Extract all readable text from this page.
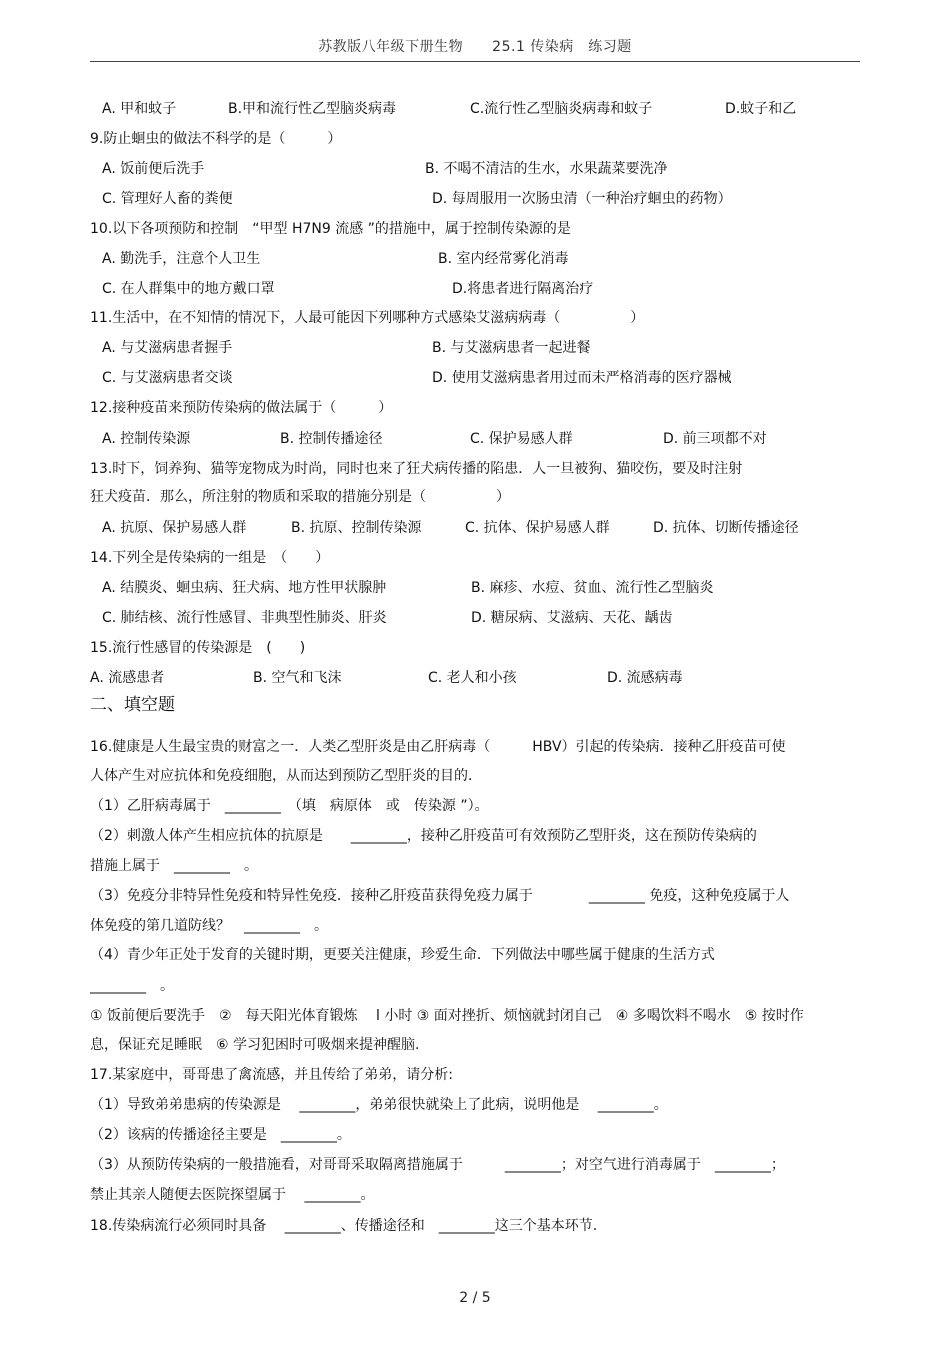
苏教版八年级下册生物　　25.1 传染病　练习题
A. 甲和蚊子	B.甲和流行性乙型脑炎病毒	C.流行性乙型脑炎病毒和蚊子	D.蚊子和乙
9.防止蛔虫的做法不科学的是（　　　）
A. 饭前便后洗手	B. 不喝不清洁的生水，水果蔬菜要洗净
C. 管理好人畜的粪便	D. 每周服用一次肠虫清（一种治疗蛔虫的药物）
10.以下各项预防和控制　“甲型 H7N9 流感 ”的措施中，属于控制传染源的是
A. 勤洗手，注意个人卫生	B. 室内经常雾化消毒
C. 在人群集中的地方戴口罩	D.将患者进行隔离治疗
11.生活中，在不知情的情况下，人最可能因下列哪种方式感染艾滋病病毒（　　　　　）
A. 与艾滋病患者握手	B. 与艾滋病患者一起进餐
C. 与艾滋病患者交谈	D. 使用艾滋病患者用过而未严格消毒的医疗器械
12.接种疫苗来预防传染病的做法属于（　　　）
A. 控制传染源	B. 控制传播途径	C. 保护易感人群	D. 前三项都不对
13.时下，饲养狗、猫等宠物成为时尚，同时也来了狂犬病传播的陷患．人一旦被狗、猫咬伤，要及时注射
狂犬疫苗．那么，所注射的物质和采取的措施分别是（　　　　　）
A. 抗原、保护易感人群	B. 抗原、控制传染源	C. 抗体、保护易感人群	D. 抗体、切断传播途径
14.下列全是传染病的一组是　（　　）
A. 结膜炎、蛔虫病、狂犬病、地方性甲状腺肿	B. 麻疹、水痘、贫血、流行性乙型脑炎
C. 肺结核、流行性感冒、非典型性肺炎、肝炎	D. 糖尿病、艾滋病、天花、龋齿
15.流行性感冒的传染源是　(　　)
A. 流感患者	B. 空气和飞沫	C. 老人和小孩	D. 流感病毒
二、填空题
16.健康是人生最宝贵的财富之一．人类乙型肝炎是由乙肝病毒（　　　HBV）引起的传染病．接种乙肝疫苗可使
人体产生对应抗体和免疫细胞，从而达到预防乙型肝炎的目的．
（1）乙肝病毒属于　________　（填　病原体　或　传染源 ”）。
（2）刺激人体产生相应抗体的抗原是　　________，接种乙肝疫苗可有效预防乙型肝炎，这在预防传染病的
措施上属于　________　。
（3）免疫分非特异性免疫和特异性免疫．接种乙肝疫苗获得免疫力属于　　　　________ 免疫，这种免疫属于人
体免疫的第几道防线？　________　。
（4）青少年正处于发育的关键时期，更要关注健康，珍爱生命．下列做法中哪些属于健康的生活方式
________　。
① 饭前便后要洗手　②　每天阳光体育锻炼　 l 小时 ③ 面对挫折、烦恼就封闭自己　④ 多喝饮料不喝水　⑤ 按时作
息，保证充足睡眠　⑥ 学习犯困时可吸烟来提神醒脑.
17.某家庭中，哥哥患了禽流感，并且传给了弟弟，请分析:
（1）导致弟弟患病的传染源是　 ________，弟弟很快就染上了此病，说明他是　 ________。
（2）该病的传播途径主要是　________。
（3）从预防传染病的一般措施看，对哥哥采取隔离措施属于　　　________；对空气进行消毒属于　________；
禁止其亲人随便去医院探望属于　 ________。
18.传染病流行必须同时具备　 ________、传播途径和　________这三个基本环节.
2 / 5
